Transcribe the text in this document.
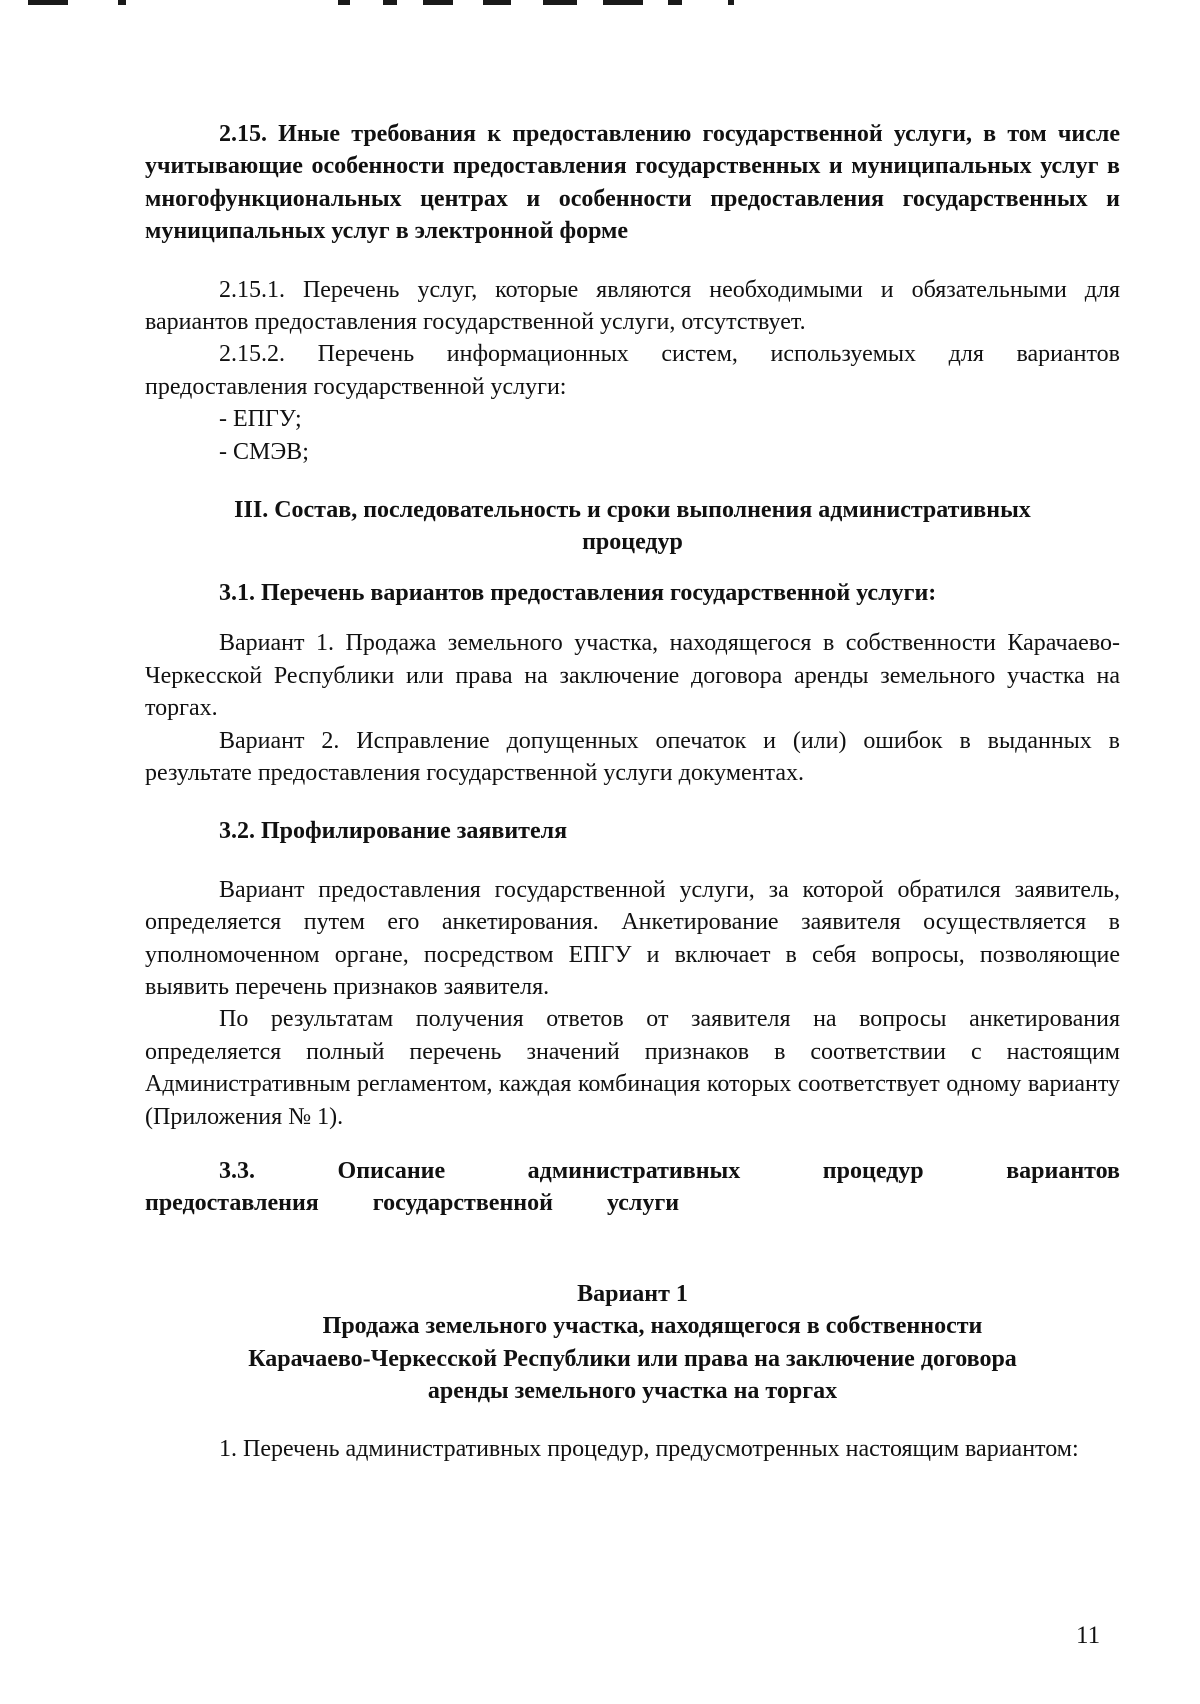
2.15. Иные требования к предоставлению государственной услуги, в том числе учитывающие особенности предоставления государственных и муниципальных услуг в многофункциональных центрах и особенности предоставления государственных и муниципальных услуг в электронной форме

2.15.1. Перечень услуг, которые являются необходимыми и обязательными для вариантов предоставления государственной услуги, отсутствует.

2.15.2. Перечень информационных систем, используемых для вариантов предоставления государственной услуги:

- ЕПГУ;

- СМЭВ;

III. Состав, последовательность и сроки выполнения административных

процедур

3.1. Перечень вариантов предоставления государственной услуги:

Вариант 1. Продажа земельного участка, находящегося в собственности Карачаево-Черкесской Республики или права на заключение договора аренды земельного участка на торгах.

Вариант 2. Исправление допущенных опечаток и (или) ошибок в выданных в результате предоставления государственной услуги документах.

3.2. Профилирование заявителя

Вариант предоставления государственной услуги, за которой обратился заявитель, определяется путем его анкетирования. Анкетирование заявителя осуществляется в уполномоченном органе, посредством ЕПГУ и включает в себя вопросы, позволяющие выявить перечень признаков заявителя.

По результатам получения ответов от заявителя на вопросы анкетирования определяется полный перечень значений признаков в соответствии с настоящим Административным регламентом, каждая комбинация которых соответствует одному варианту (Приложения № 1).

3.3. Описание административных процедур вариантов предоставления государственной услуги

Вариант 1

Продажа земельного участка, находящегося в собственности

Карачаево-Черкесской Республики или права на заключение договора

аренды земельного участка на торгах

1. Перечень административных процедур, предусмотренных настоящим вариантом:

11
